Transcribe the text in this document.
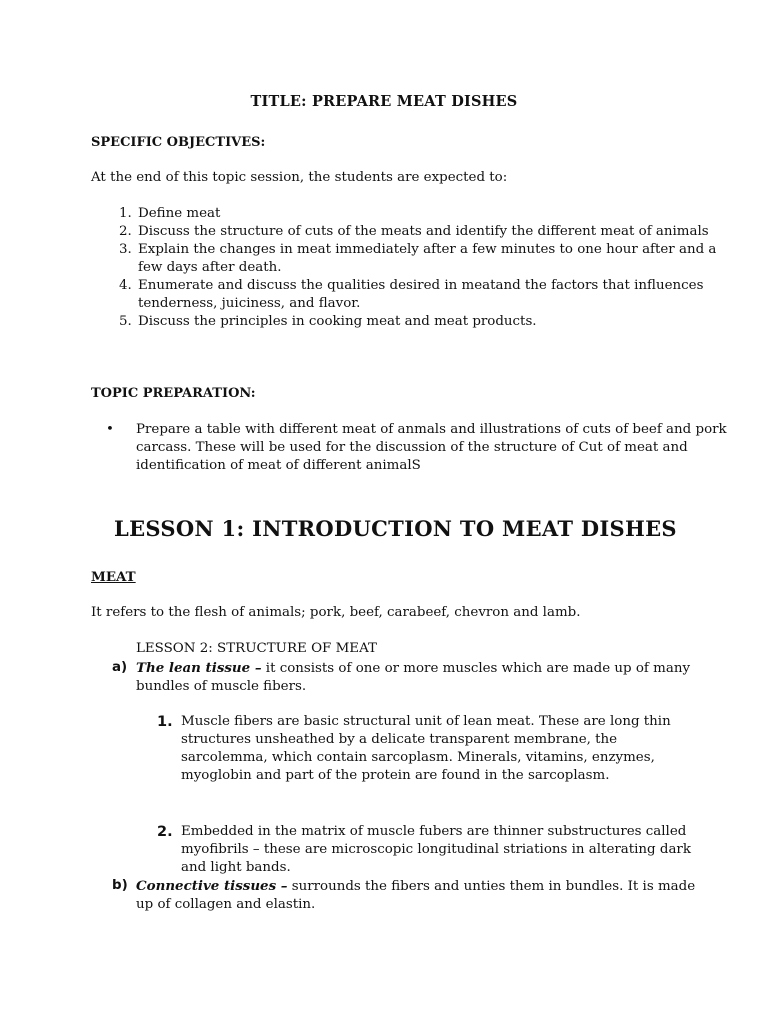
TITLE: PREPARE MEAT DISHES
SPECIFIC OBJECTIVES:
At the end of this topic session, the students are expected to:
1. Define meat
2. Discuss the structure of cuts of the meats and identify the different meat of animals
3. Explain the changes in meat immediately after a few minutes to one hour after and a few days after death.
4. Enumerate and discuss the qualities desired in meatand the factors that influences tenderness, juiciness, and flavor.
5. Discuss the principles in cooking meat and meat products.
TOPIC PREPARATION:
• Prepare a table with different meat of anmals and illustrations of cuts of beef and pork carcass. These will be used for the discussion of the structure of Cut of meat and identification of meat of different animalS
LESSON 1: INTRODUCTION TO MEAT DISHES
MEAT
It refers to the flesh of animals; pork, beef, carabeef, chevron and lamb.
LESSON 2: STRUCTURE OF MEAT
a) The lean tissue – it consists of one or more muscles which are made up of many bundles of muscle fibers.
1. Muscle fibers are basic structural unit of lean meat. These are long thin structures unsheathed by a delicate transparent membrane, the sarcolemma, which contain sarcoplasm. Minerals, vitamins, enzymes, myoglobin and part of the protein are found in the sarcoplasm.
2. Embedded in the matrix of muscle fubers are thinner substructures called myofibrils – these are microscopic longitudinal striations in alterating dark and light bands.
b) Connective tissues – surrounds the fibers and unties them in bundles. It is made up of collagen and elastin.
